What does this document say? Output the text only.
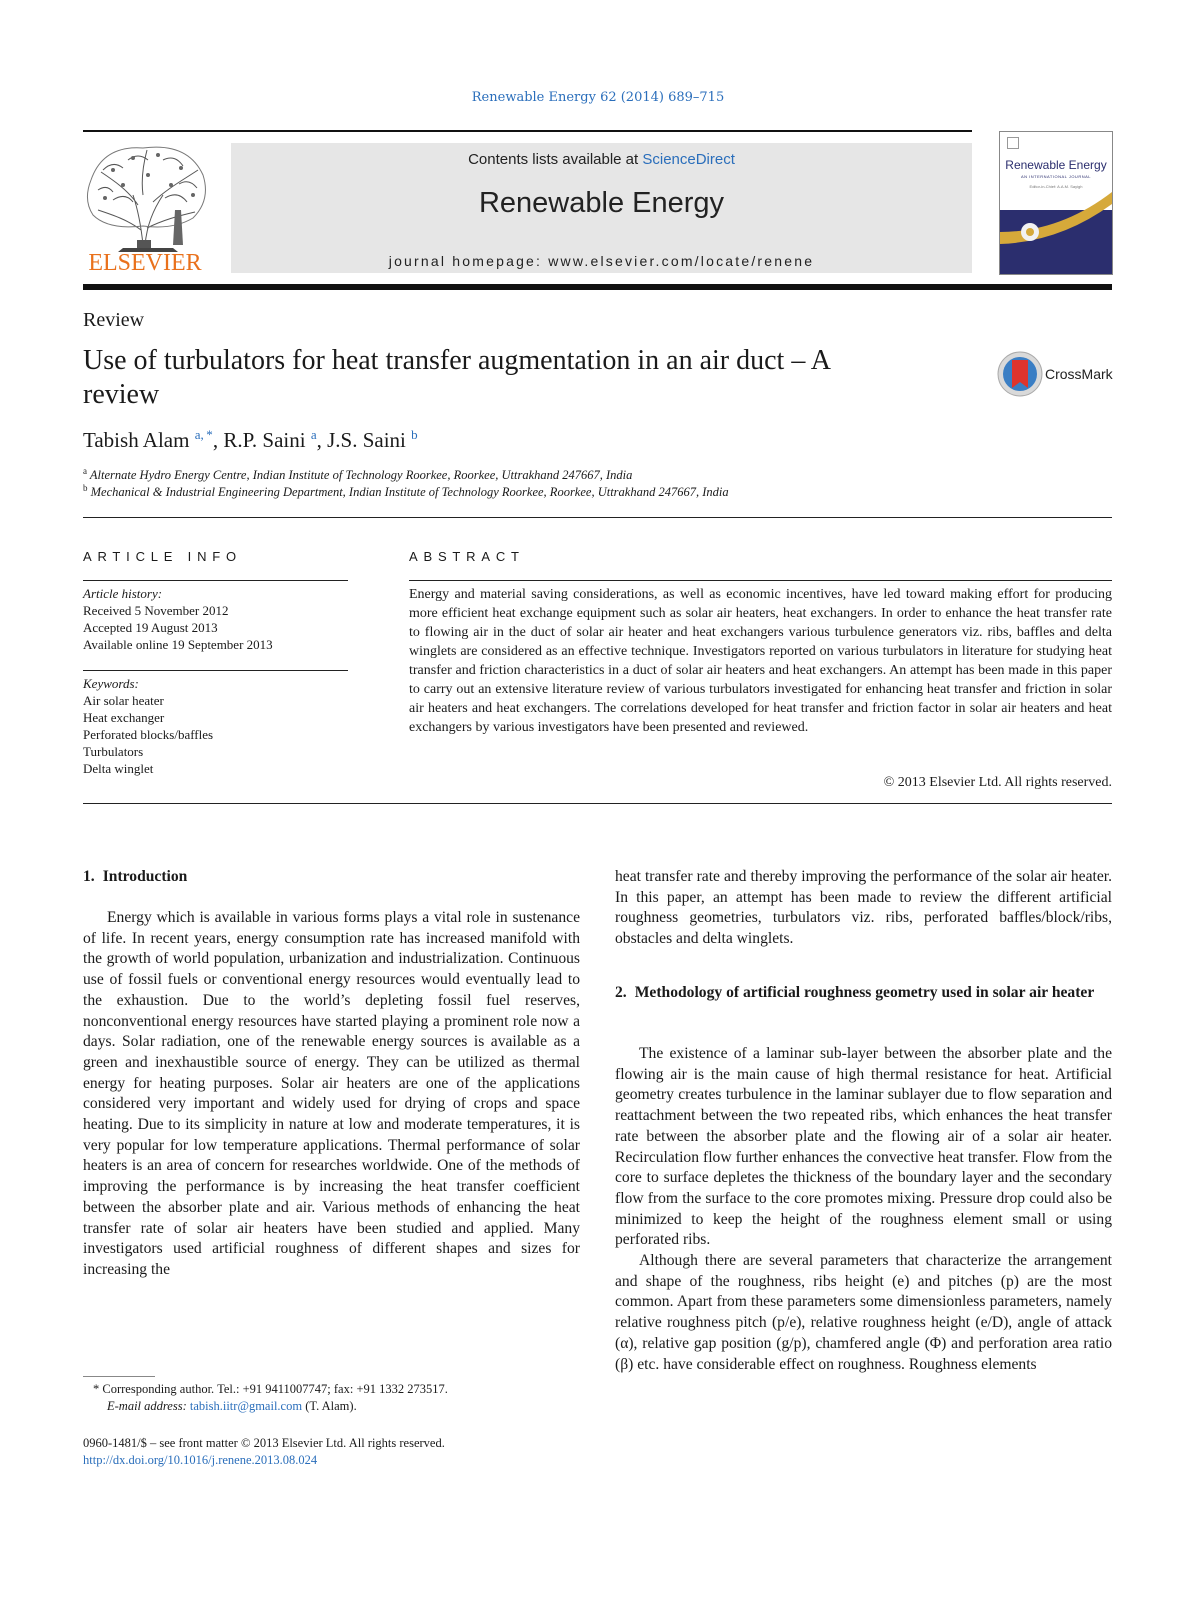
Renewable Energy 62 (2014) 689–715
ELSEVIER
Contents lists available at ScienceDirect
Renewable Energy
journal homepage: www.elsevier.com/locate/renene
Renewable Energy
AN INTERNATIONAL JOURNAL
Editor-in-Chief: A.A.M. Sayigh
Review
Use of turbulators for heat transfer augmentation in an air duct – A review
CrossMark
Tabish Alam $^{a, *}$, R.P. Saini $^a$, J.S. Saini $^b$
$^a$ Alternate Hydro Energy Centre, Indian Institute of Technology Roorkee, Roorkee, Uttrakhand 247667, India
$^b$ Mechanical & Industrial Engineering Department, Indian Institute of Technology Roorkee, Roorkee, Uttrakhand 247667, India
ARTICLE INFO	ABSTRACT
Article history:
Received 5 November 2012
Accepted 19 August 2013
Available online 19 September 2013
Keywords:
Air solar heater
Heat exchanger
Perforated blocks/baffles
Turbulators
Delta winglet
Energy and material saving considerations, as well as economic incentives, have led toward making effort for producing more efficient heat exchange equipment such as solar air heaters, heat exchangers. In order to enhance the heat transfer rate to flowing air in the duct of solar air heater and heat exchangers various turbulence generators viz. ribs, baffles and delta winglets are considered as an effective technique. Investigators reported on various turbulators in literature for studying heat transfer and friction characteristics in a duct of solar air heaters and heat exchangers. An attempt has been made in this paper to carry out an extensive literature review of various turbulators investigated for enhancing heat transfer and friction in solar air heaters and heat exchangers. The correlations developed for heat transfer and friction factor in solar air heaters and heat exchangers by various investigators have been presented and reviewed.
© 2013 Elsevier Ltd. All rights reserved.
1. Introduction

Energy which is available in various forms plays a vital role in sustenance of life. In recent years, energy consumption rate has increased manifold with the growth of world population, urbanization and industrialization. Continuous use of fossil fuels or conventional energy resources would eventually lead to the exhaustion. Due to the world’s depleting fossil fuel reserves, nonconventional energy resources have started playing a prominent role now a days. Solar radiation, one of the renewable energy sources is available as a green and inexhaustible source of energy. They can be utilized as thermal energy for heating purposes. Solar air heaters are one of the applications considered very important and widely used for drying of crops and space heating. Due to its simplicity in nature at low and moderate temperatures, it is very popular for low temperature applications. Thermal performance of solar heaters is an area of concern for researches worldwide. One of the methods of improving the performance is by increasing the heat transfer coefficient between the absorber plate and air. Various methods of enhancing the heat transfer rate of solar air heaters have been studied and applied. Many investigators used artificial roughness of different shapes and sizes for increasing the

* Corresponding author. Tel.: +91 9411007747; fax: +91 1332 273517.
E-mail address: tabish.iitr@gmail.com (T. Alam).
0960-1481/$ – see front matter © 2013 Elsevier Ltd. All rights reserved.
http://dx.doi.org/10.1016/j.renene.2013.08.024

heat transfer rate and thereby improving the performance of the solar air heater. In this paper, an attempt has been made to review the different artificial roughness geometries, turbulators viz. ribs, perforated baffles/block/ribs, obstacles and delta winglets.

2. Methodology of artificial roughness geometry used in solar air heater

The existence of a laminar sub-layer between the absorber plate and the flowing air is the main cause of high thermal resistance for heat. Artificial geometry creates turbulence in the laminar sublayer due to flow separation and reattachment between the two repeated ribs, which enhances the heat transfer rate between the absorber plate and the flowing air of a solar air heater. Recirculation flow further enhances the convective heat transfer. Flow from the core to surface depletes the thickness of the boundary layer and the secondary flow from the surface to the core promotes mixing. Pressure drop could also be minimized to keep the height of the roughness element small or using perforated ribs.

Although there are several parameters that characterize the arrangement and shape of the roughness, ribs height (e) and pitches (p) are the most common. Apart from these parameters some dimensionless parameters, namely relative roughness pitch (p/e), relative roughness height (e/D), angle of attack (α), relative gap position (g/p), chamfered angle (Φ) and perforation area ratio (β) etc. have considerable effect on roughness. Roughness elements
